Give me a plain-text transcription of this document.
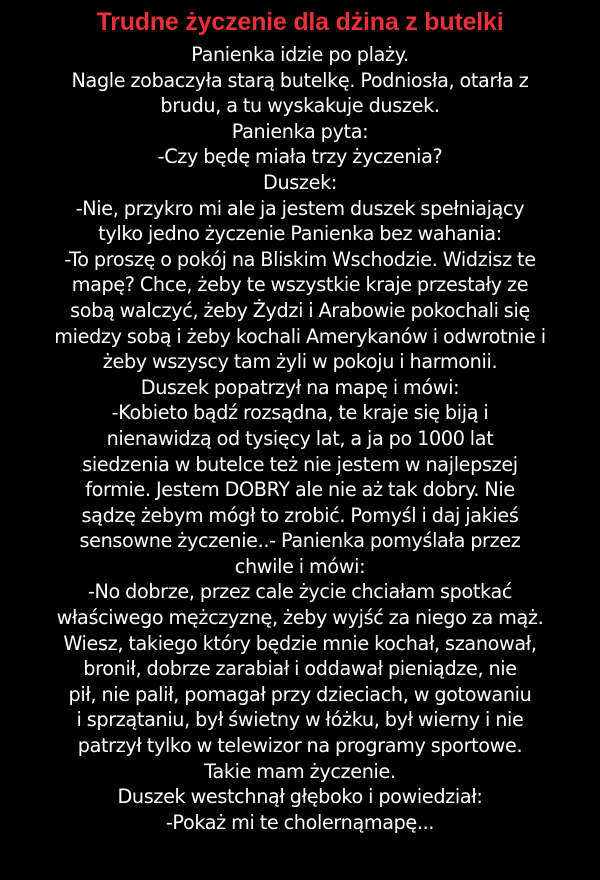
Trudne życzenie dla dżina z butelki
Panienka idzie po plaży.
Nagle zobaczyła starą butelkę. Podniosła, otarła z
brudu, a tu wyskakuje duszek.
Panienka pyta:
-Czy będę miała trzy życzenia?
Duszek:
-Nie, przykro mi ale ja jestem duszek spełniający
tylko jedno życzenie Panienka bez wahania:
-To proszę o pokój na Bliskim Wschodzie. Widzisz te
mapę? Chce, żeby te wszystkie kraje przestały ze
sobą walczyć, żeby Żydzi i Arabowie pokochali się
miedzy sobą i żeby kochali Amerykanów i odwrotnie i
żeby wszyscy tam żyli w pokoju i harmonii.
Duszek popatrzył na mapę i mówi:
-Kobieto bądź rozsądna, te kraje się biją i
nienawidzą od tysięcy lat, a ja po 1000 lat
siedzenia w butelce też nie jestem w najlepszej
formie. Jestem DOBRY ale nie aż tak dobry. Nie
sądzę żebym mógł to zrobić. Pomyśl i daj jakieś
sensowne życzenie..- Panienka pomyślała przez
chwile i mówi:
-No dobrze, przez cale życie chciałam spotkać
właściwego mężczyznę, żeby wyjść za niego za mąż.
Wiesz, takiego który będzie mnie kochał, szanował,
bronił, dobrze zarabiał i oddawał pieniądze, nie
pił, nie palił, pomagał przy dzieciach, w gotowaniu
i sprzątaniu, był świetny w łóżku, był wierny i nie
patrzył tylko w telewizor na programy sportowe.
Takie mam życzenie.
Duszek westchnął głęboko i powiedział:
-Pokaż mi te cholernąmapę...
